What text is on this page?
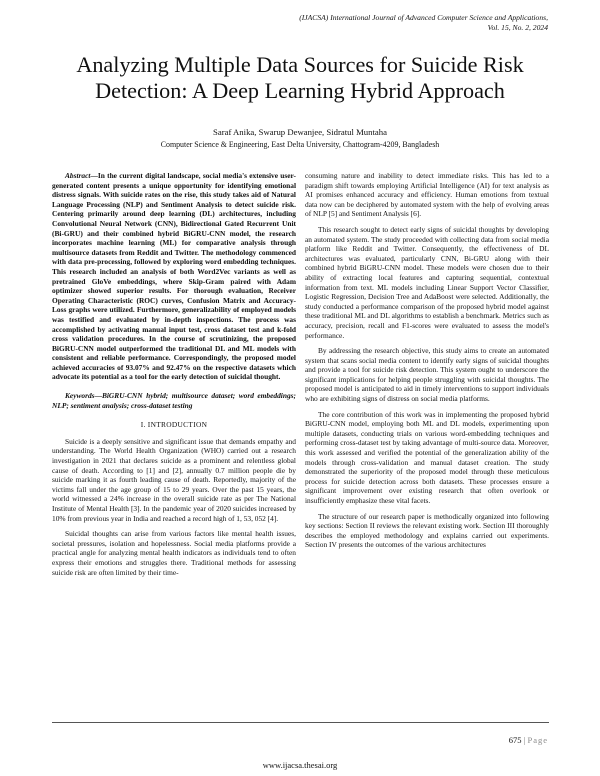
(IJACSA) International Journal of Advanced Computer Science and Applications,
Vol. 15, No. 2, 2024
Analyzing Multiple Data Sources for Suicide Risk
Detection: A Deep Learning Hybrid Approach
Saraf Anika, Swarup Dewanjee, Sidratul Muntaha
Computer Science & Engineering, East Delta University, Chattogram-4209, Bangladesh

Abstract—In the current digital landscape, social media's extensive user-generated content presents a unique opportunity for identifying emotional distress signals. With suicide rates on the rise, this study takes aid of Natural Language Processing (NLP) and Sentiment Analysis to detect suicide risk. Centering primarily around deep learning (DL) architectures, including Convolutional Neural Network (CNN), Bidirectional Gated Recurrent Unit (Bi-GRU) and their combined hybrid BiGRU-CNN model, the research incorporates machine learning (ML) for comparative analysis through multisource datasets from Reddit and Twitter. The methodology commenced with data pre-processing, followed by exploring word embedding techniques. This research included an analysis of both Word2Vec variants as well as pretrained GloVe embeddings, where Skip-Gram paired with Adam optimizer showed superior results. For thorough evaluation, Receiver Operating Characteristic (ROC) curves, Confusion Matrix and Accuracy-Loss graphs were utilized. Furthermore, generalizability of employed models was testified and evaluated by in-depth inspections. The process was accomplished by activating manual input test, cross dataset test and k-fold cross validation procedures. In the course of scrutinizing, the proposed BiGRU-CNN model outperformed the traditional DL and ML models with consistent and reliable performance. Correspondingly, the proposed model achieved accuracies of 93.07% and 92.47% on the respective datasets which advocate its potential as a tool for the early detection of suicidal thought.

Keywords—BiGRU-CNN hybrid; multisource dataset; word embeddings; NLP; sentiment analysis; cross-dataset testing

I. INTRODUCTION

Suicide is a deeply sensitive and significant issue that demands empathy and understanding. The World Health Organization (WHO) carried out a research investigation in 2021 that declares suicide as a prominent and relentless global cause of death. According to [1] and [2], annually 0.7 million people die by suicide marking it as fourth leading cause of death. Reportedly, majority of the victims fall under the age group of 15 to 29 years. Over the past 15 years, the world witnessed a 24% increase in the overall suicide rate as per The National Institute of Mental Health [3]. In the pandemic year of 2020 suicides increased by 10% from previous year in India and reached a record high of 1, 53, 052 [4].

Suicidal thoughts can arise from various factors like mental health issues, societal pressures, isolation and hopelessness. Social media platforms provide a practical angle for analyzing mental health indicators as individuals tend to often express their emotions and struggles there. Traditional methods for assessing suicide risk are often limited by their time-

consuming nature and inability to detect immediate risks. This has led to a paradigm shift towards employing Artificial Intelligence (AI) for text analysis as AI promises enhanced accuracy and efficiency. Human emotions from textual data now can be deciphered by automated system with the help of evolving areas of NLP [5] and Sentiment Analysis [6].

This research sought to detect early signs of suicidal thoughts by developing an automated system. The study proceeded with collecting data from social media platform like Reddit and Twitter. Consequently, the effectiveness of DL architectures was evaluated, particularly CNN, Bi-GRU along with their combined hybrid BiGRU-CNN model. These models were chosen due to their ability of extracting local features and capturing sequential, contextual information from text. ML models including Linear Support Vector Classifier, Logistic Regression, Decision Tree and AdaBoost were selected. Additionally, the study conducted a performance comparison of the proposed hybrid model against these traditional ML and DL algorithms to establish a benchmark. Metrics such as accuracy, precision, recall and F1-scores were evaluated to assess the model's performance.

By addressing the research objective, this study aims to create an automated system that scans social media content to identify early signs of suicidal thoughts and provide a tool for suicide risk detection. This system ought to underscore the significant implications for helping people struggling with suicidal thoughts. The proposed model is anticipated to aid in timely interventions to support individuals who are exhibiting signs of distress on social media platforms.

The core contribution of this work was in implementing the proposed hybrid BiGRU-CNN model, employing both ML and DL models, experimenting upon multiple datasets, conducting trials on various word-embedding techniques and performing cross-dataset test by taking advantage of multi-source data. Moreover, this work assessed and verified the potential of the generalization ability of the models through cross-validation and manual dataset creation. The study demonstrated the superiority of the proposed model through these meticulous process for suicide detection across both datasets. These processes ensure a significant improvement over existing research that often overlook or insufficiently emphasize these vital facets.

The structure of our research paper is methodically organized into following key sections: Section II reviews the relevant existing work. Section III thoroughly describes the employed methodology and explains carried out experiments. Section IV presents the outcomes of the various architectures

675 | Page
www.ijacsa.thesai.org
